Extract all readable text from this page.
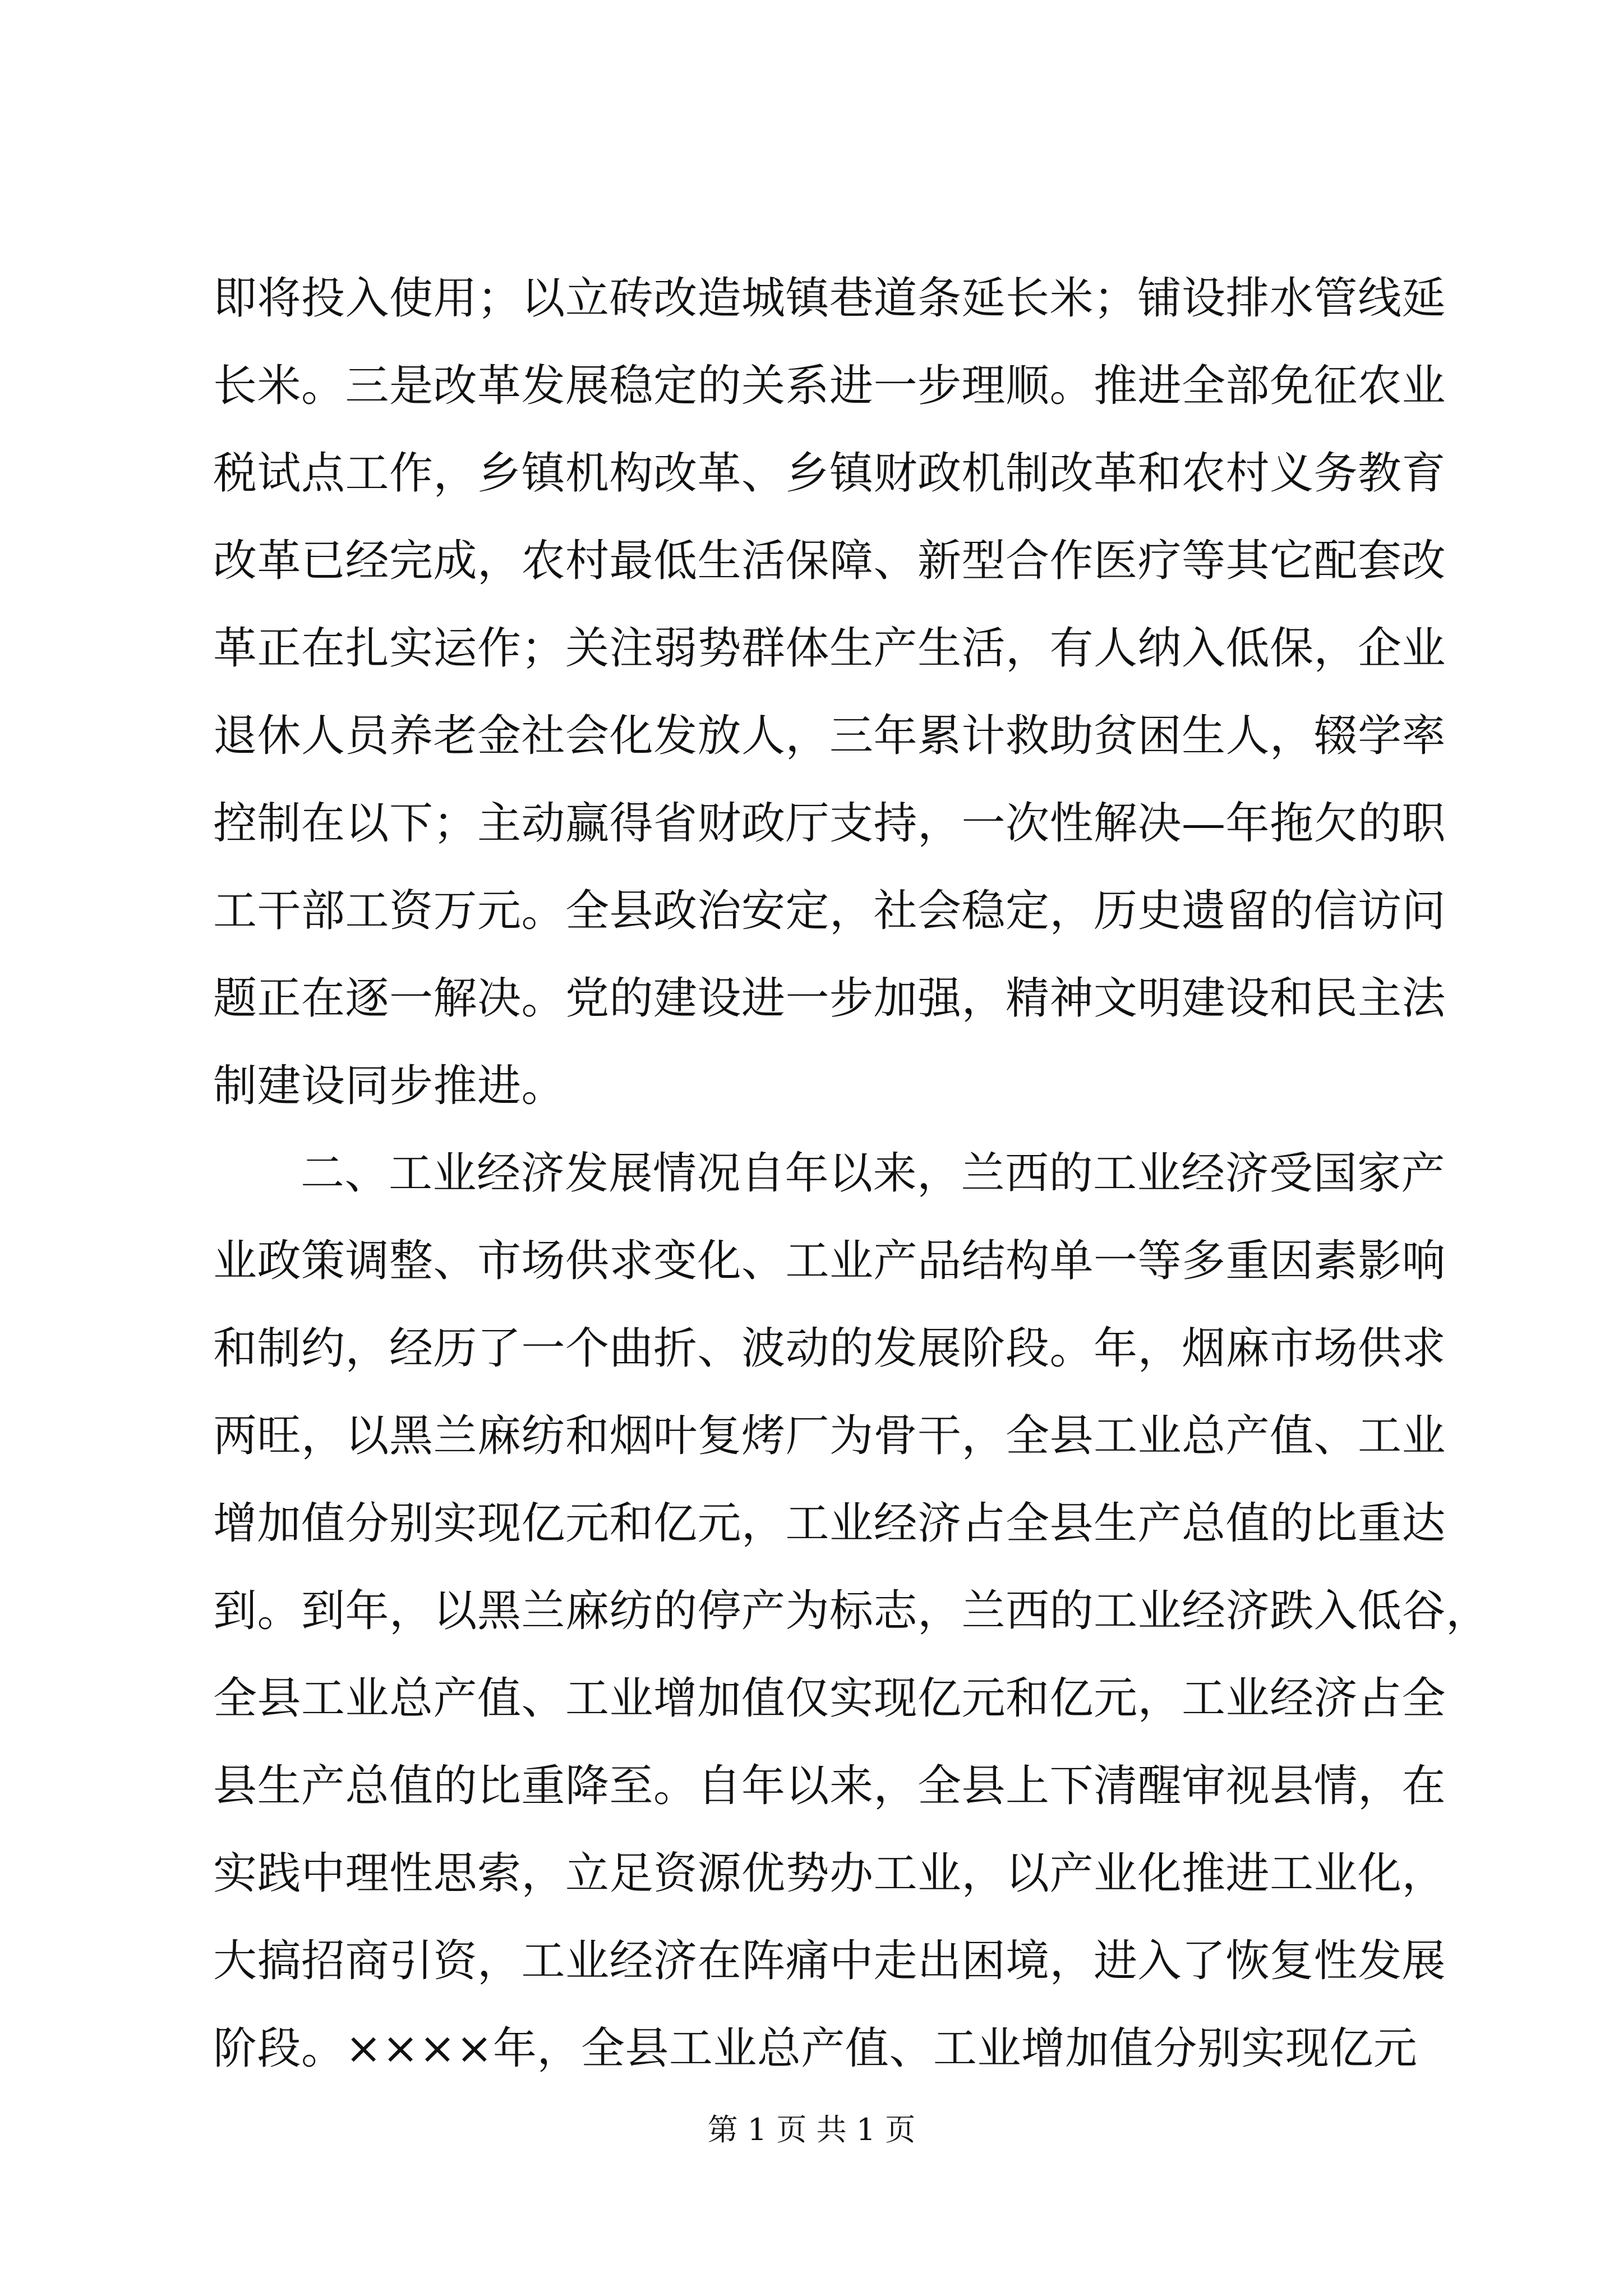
即将投入使用；以立砖改造城镇巷道条延长米；铺设排水管线延
长米。三是改革发展稳定的关系进一步理顺。推进全部免征农业
税试点工作，乡镇机构改革、乡镇财政机制改革和农村义务教育
改革已经完成，农村最低生活保障、新型合作医疗等其它配套改
革正在扎实运作；关注弱势群体生产生活，有人纳入低保，企业
退休人员养老金社会化发放人，三年累计救助贫困生人，辍学率
控制在以下；主动赢得省财政厅支持，一次性解决—年拖欠的职
工干部工资万元。全县政治安定，社会稳定，历史遗留的信访问
题正在逐一解决。党的建设进一步加强，精神文明建设和民主法
制建设同步推进。
二、工业经济发展情况自年以来，兰西的工业经济受国家产
业政策调整、市场供求变化、工业产品结构单一等多重因素影响
和制约，经历了一个曲折、波动的发展阶段。年，烟麻市场供求
两旺，以黑兰麻纺和烟叶复烤厂为骨干，全县工业总产值、工业
增加值分别实现亿元和亿元，工业经济占全县生产总值的比重达
到。到年，以黑兰麻纺的停产为标志，兰西的工业经济跌入低谷，
全县工业总产值、工业增加值仅实现亿元和亿元，工业经济占全
县生产总值的比重降至。自年以来，全县上下清醒审视县情，在
实践中理性思索，立足资源优势办工业，以产业化推进工业化，
大搞招商引资，工业经济在阵痛中走出困境，进入了恢复性发展
阶段。××××年，全县工业总产值、工业增加值分别实现亿元
第 1 页 共 1 页
